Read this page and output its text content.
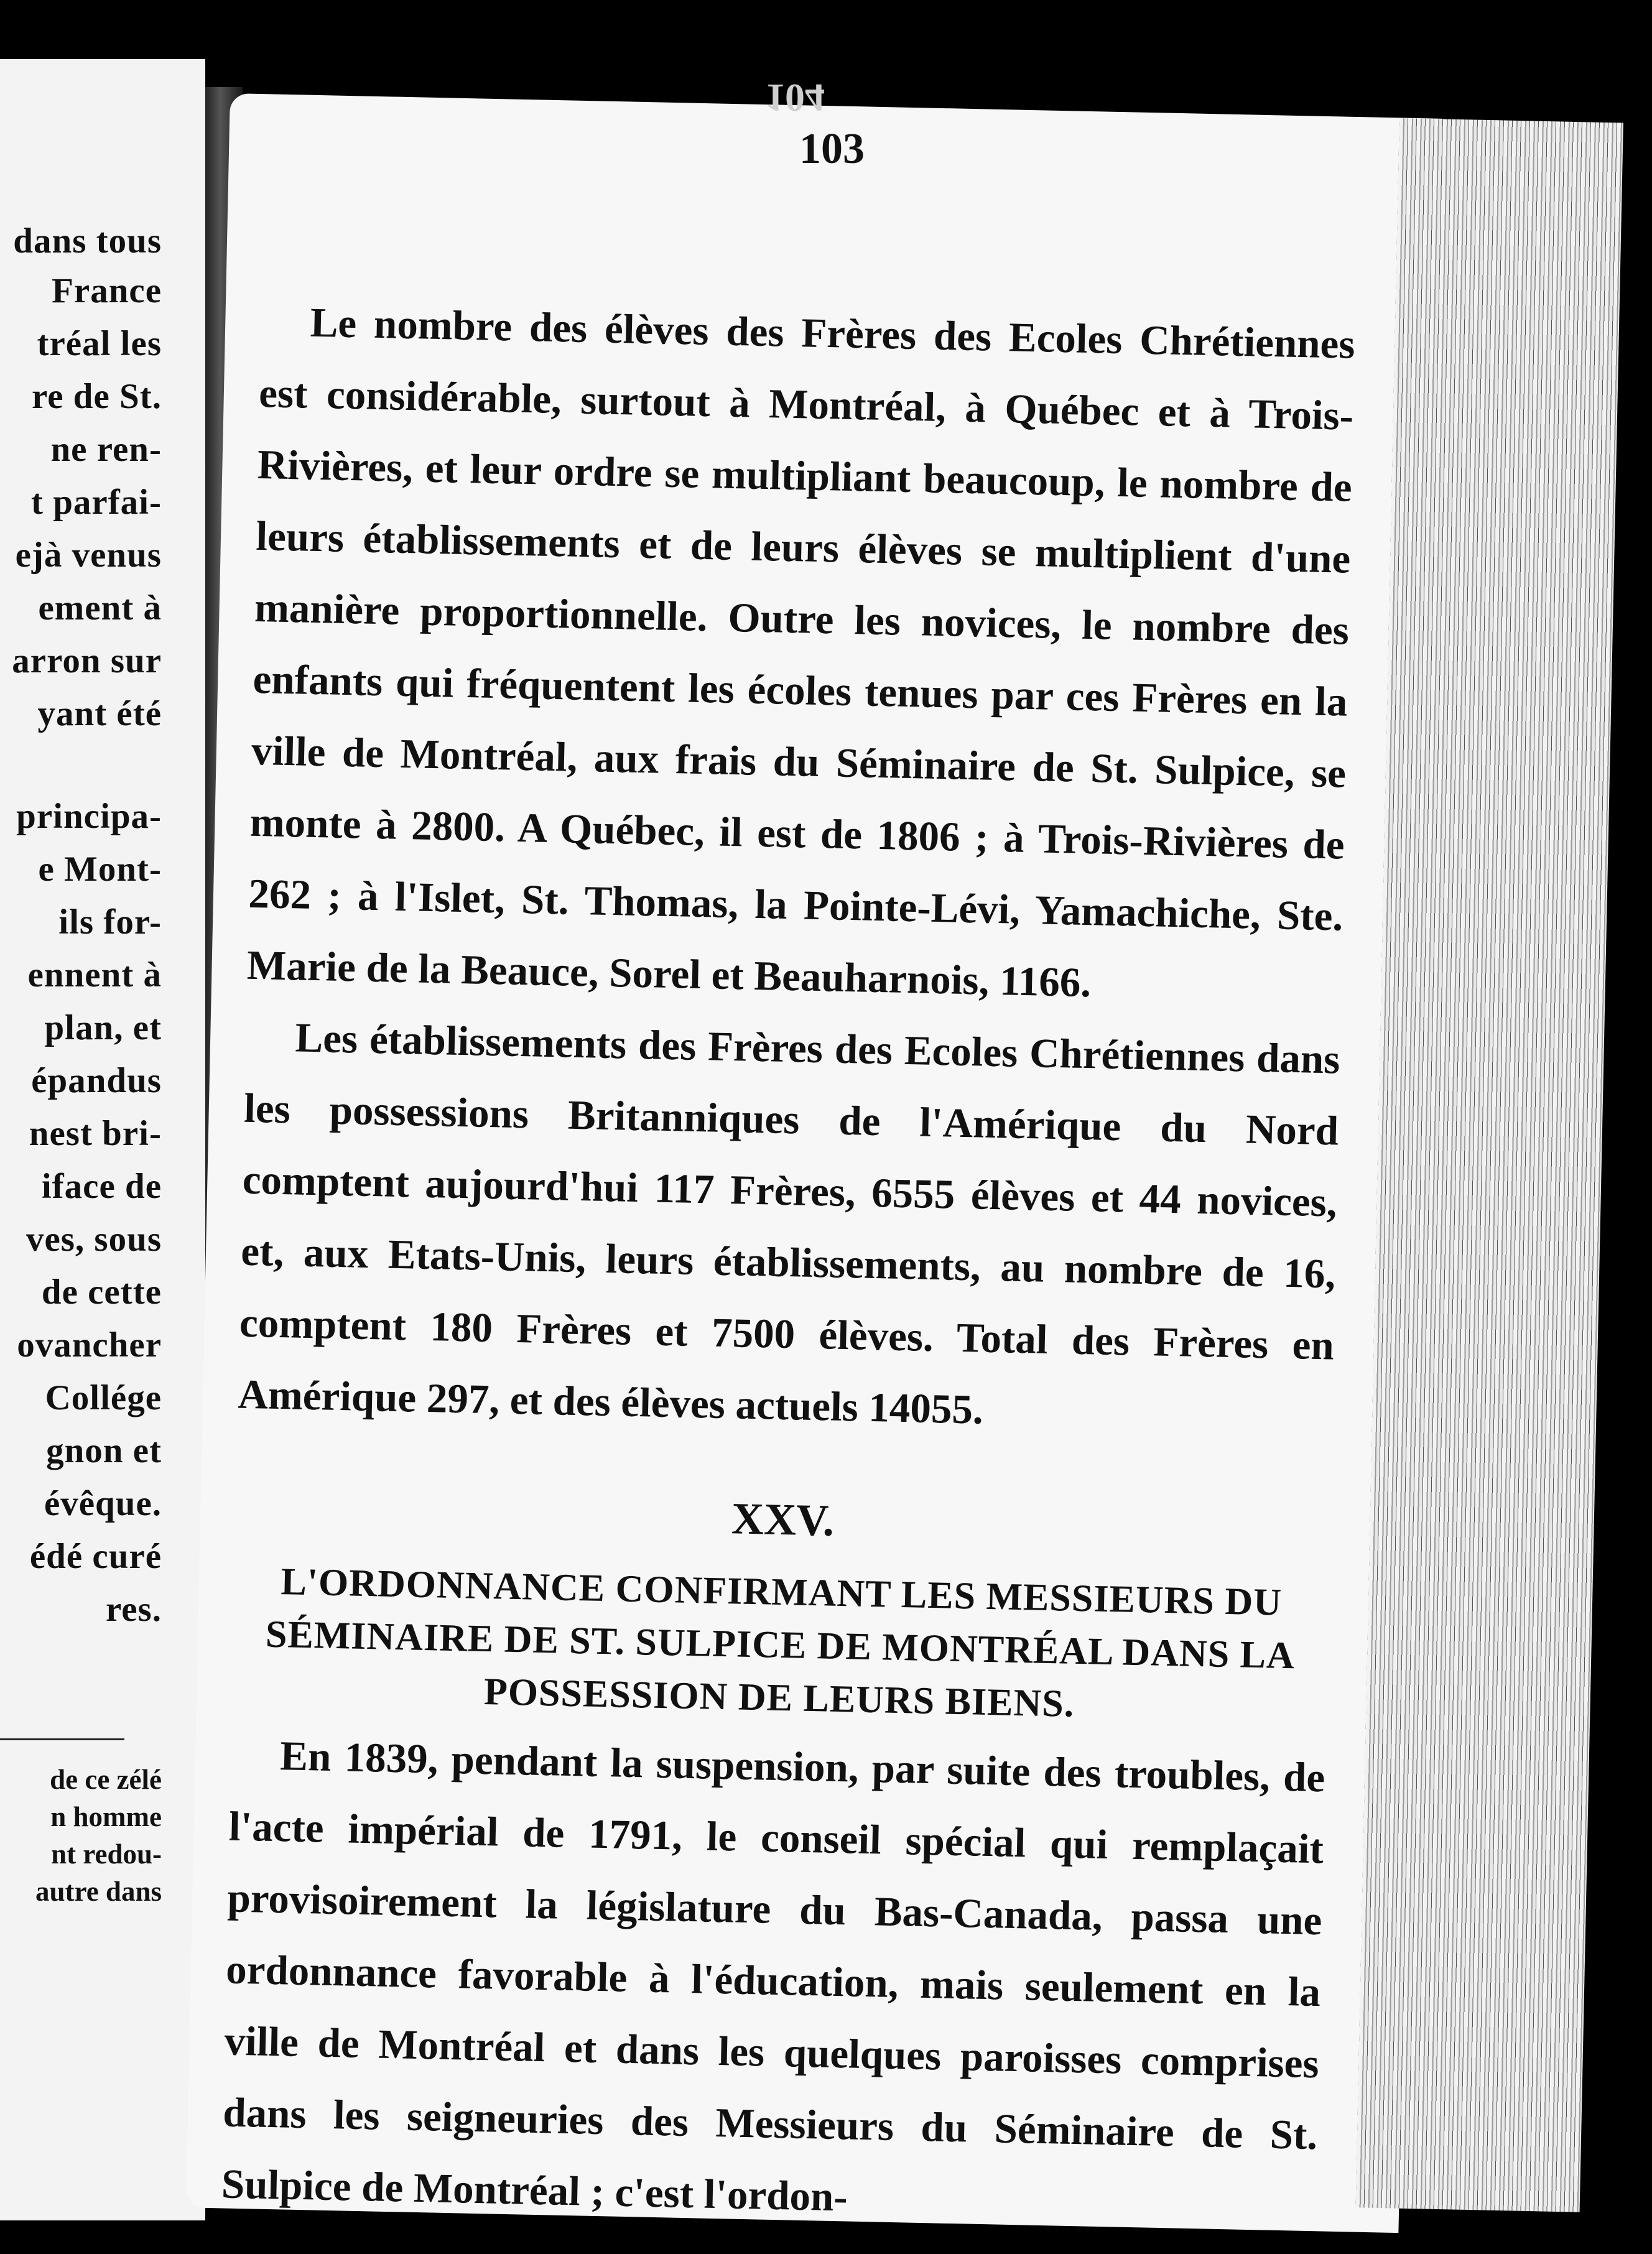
dans tous
France
tréal les
re de St.
ne ren-
t parfai-
ejà venus
ement à
arron sur
yant été
principa-
e Mont-
ils for-
ennent à
plan, et
épandus
nest bri-
iface de
ves, sous
de cette
ovancher
Collége
gnon et
évêque.
édé curé
res.
de ce zélé
n homme
nt redou-
autre dans
104
103

Le nombre des élèves des Frères des Ecoles Chrétiennes est considérable, surtout à Montréal, à Québec et à Trois-Rivières, et leur ordre se multipliant beaucoup, le nombre de leurs établissements et de leurs élèves se multiplient d'une manière proportionnelle. Outre les novices, le nombre des enfants qui fréquentent les écoles tenues par ces Frères en la ville de Montréal, aux frais du Séminaire de St. Sulpice, se monte à 2800. A Québec, il est de 1806 ; à Trois-Rivières de 262 ; à l'Islet, St. Thomas, la Pointe-Lévi, Yamachiche, Ste. Marie de la Beauce, Sorel et Beauharnois, 1166.

Les établissements des Frères des Ecoles Chrétiennes dans les possessions Britanniques de l'Amérique du Nord comptent aujourd'hui 117 Frères, 6555 élèves et 44 novices, et, aux Etats-Unis, leurs établissements, au nombre de 16, comptent 180 Frères et 7500 élèves. Total des Frères en Amérique 297, et des élèves actuels 14055.

XXV.
L'ORDONNANCE CONFIRMANT LES MESSIEURS DU SÉMINAIRE DE ST. SULPICE DE MONTRÉAL DANS LA POSSESSION DE LEURS BIENS.

En 1839, pendant la suspension, par suite des troubles, de l'acte impérial de 1791, le conseil spécial qui remplaçait provisoirement la législature du Bas-Canada, passa une ordonnance favorable à l'éducation, mais seulement en la ville de Montréal et dans les quelques paroisses comprises dans les seigneuries des Messieurs du Séminaire de St. Sulpice de Montréal ; c'est l'ordon-
